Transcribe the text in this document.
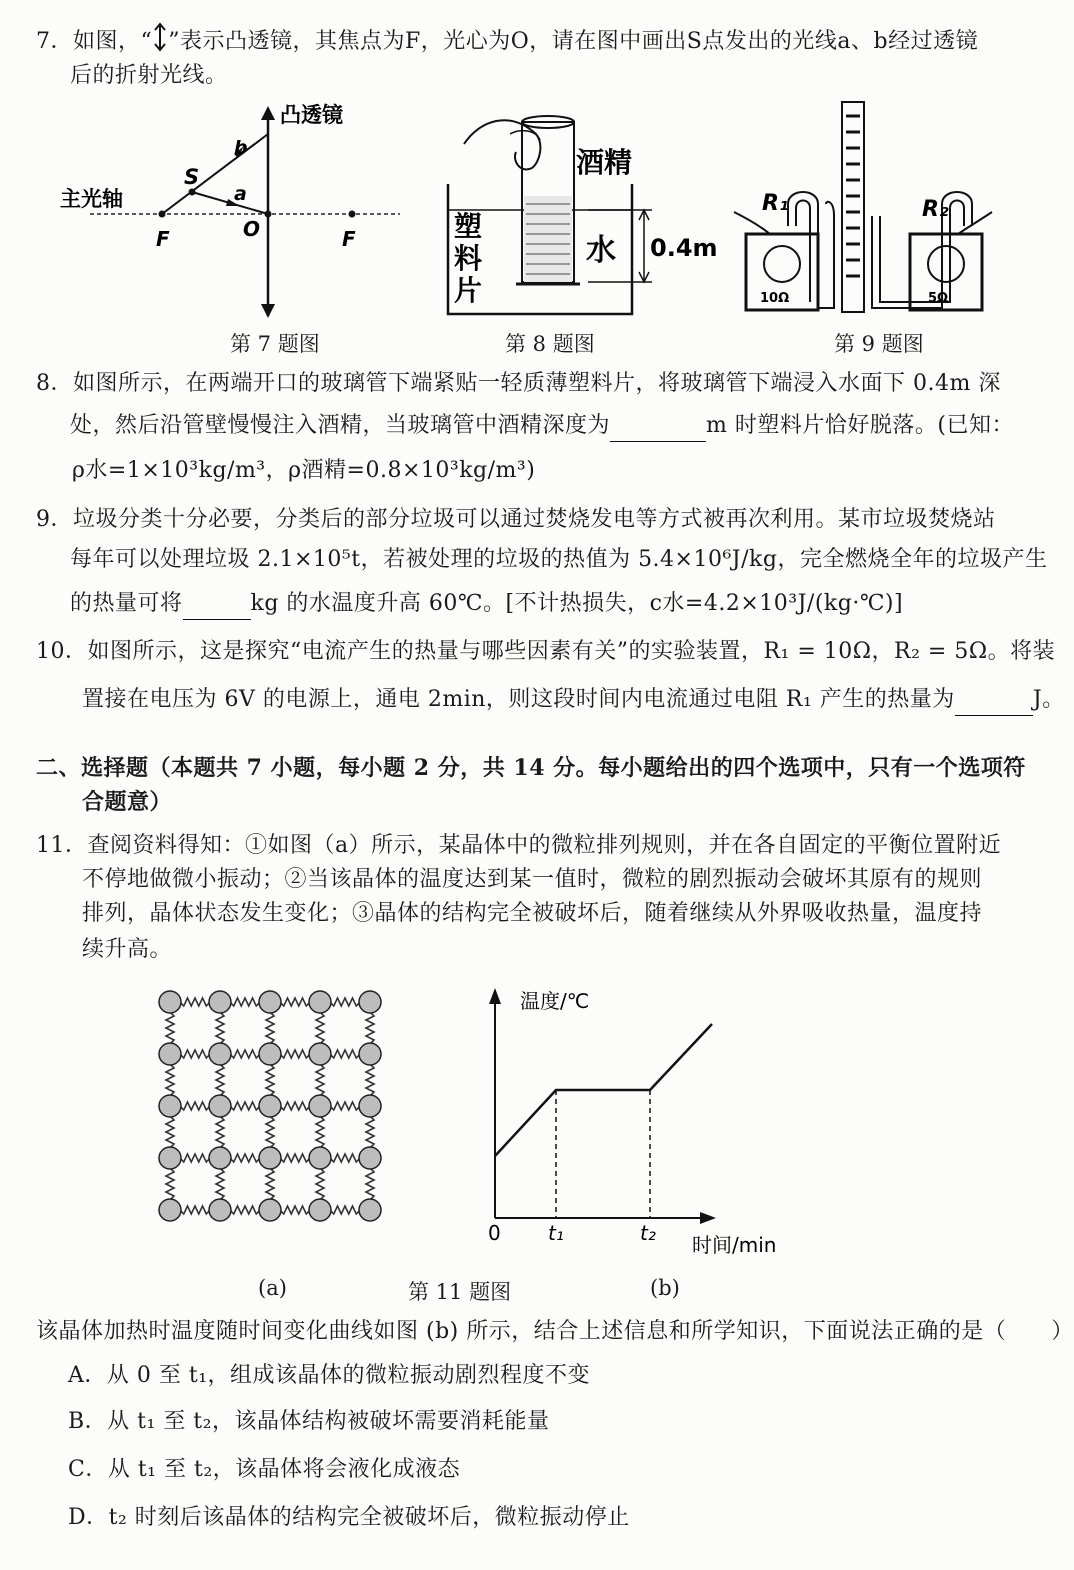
7．如图，“ ”表示凸透镜，其焦点为F，光心为O，请在图中画出S点发出的光线a、b经过透镜
后的折射光线。
凸透镜
主光轴
S
a
b
F	O	F
第 7 题图
酒精
塑
料
片
水 0.4m
第 8 题图
R₁	R₂
10Ω	5Ω
第 9 题图
8．如图所示，在两端开口的玻璃管下端紧贴一轻质薄塑料片，将玻璃管下端浸入水面下 0.4m 深
处，然后沿管壁慢慢注入酒精，当玻璃管中酒精深度为	m 时塑料片恰好脱落。(已知：
ρ水=1×10³kg/m³，ρ酒精=0.8×10³kg/m³)
9．垃圾分类十分必要，分类后的部分垃圾可以通过焚烧发电等方式被再次利用。某市垃圾焚烧站
每年可以处理垃圾 2.1×10⁵t，若被处理的垃圾的热值为 5.4×10⁶J/kg，完全燃烧全年的垃圾产生
的热量可将	kg 的水温度升高 60℃。[不计热损失，c水=4.2×10³J/(kg·℃)]
10．如图所示，这是探究“电流产生的热量与哪些因素有关”的实验装置，R₁ = 10Ω，R₂ = 5Ω。将装
置接在电压为 6V 的电源上，通电 2min，则这段时间内电流通过电阻 R₁ 产生的热量为	J。
二、选择题（本题共 7 小题，每小题 2 分，共 14 分。每小题给出的四个选项中，只有一个选项符
合题意）
11．查阅资料得知：①如图（a）所示，某晶体中的微粒排列规则，并在各自固定的平衡位置附近
不停地做微小振动；②当该晶体的温度达到某一值时，微粒的剧烈振动会破坏其原有的规则
排列，晶体状态发生变化；③晶体的结构完全被破坏后，随着继续从外界吸收热量，温度持
续升高。
(a)
温度/℃
时间/min
0 t₁	t₂
(b)
第 11 题图
该晶体加热时温度随时间变化曲线如图 (b) 所示，结合上述信息和所学知识，下面说法正确的是（　　）
A．从 0 至 t₁，组成该晶体的微粒振动剧烈程度不变
B．从 t₁ 至 t₂，该晶体结构被破坏需要消耗能量
C．从 t₁ 至 t₂，该晶体将会液化成液态
D．t₂ 时刻后该晶体的结构完全被破坏后，微粒振动停止
